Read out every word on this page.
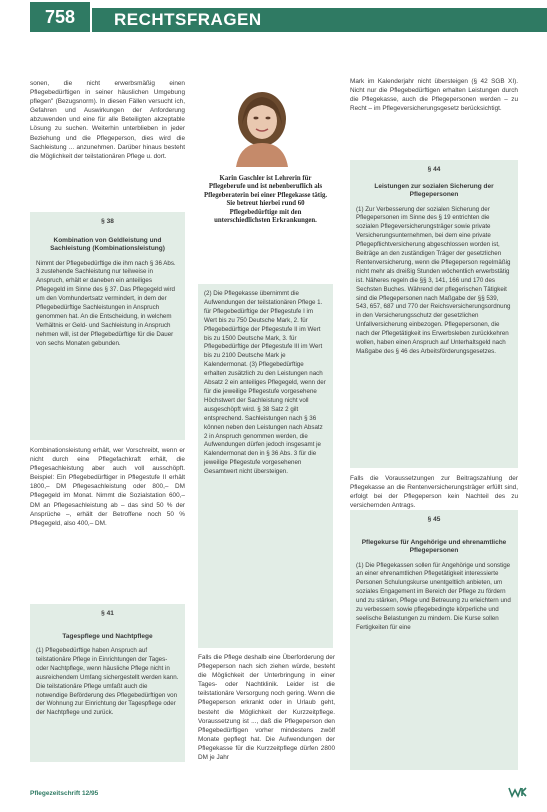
758	RECHTSFRAGEN

sonen, die nicht erwerbsmäßig einen Pflegebedürftigen in seiner häuslichen Umgebung pflegen" (Bezugsnorm). In diesen Fällen versucht ich, Gefahren und Auswirkungen der Anforderung abzuwenden und eine für alle Beteiligten akzeptable Lösung zu suchen. Weiterhin unterblieben in jeder Beziehung und die Pflegeperson, dies wird die Sachleistung ... anzunehmen. Darüber hinaus besteht die Möglichkeit der teilstationären Pflege u. dort.

§ 38
Kombination von Geldleistung und Sachleistung (Kombinationsleistung)
Nimmt der Pflegebedürftige die ihm nach § 36 Abs. 3 zustehende Sachleistung nur teilweise in Anspruch, erhält er daneben ein anteiliges Pflegegeld im Sinne des § 37. Das Pflegegeld wird um den Vomhundertsatz vermindert, in dem der Pflegebedürftige Sachleistungen in Anspruch genommen hat. An die Entscheidung, in welchem Verhältnis er Geld- und Sachleistung in Anspruch nehmen will, ist der Pflegebedürftige für die Dauer von sechs Monaten gebunden.

Kombinationsleistung erhält, wer Vorschreibt, wenn er nicht durch eine Pflegefachkraft erhält, die Pflegesachleistung aber auch voll ausschöpft. Beispiel: Ein Pflegebedürftiger in Pflegestufe II erhält 1800,– DM Pflegesachleistung oder 800,– DM Pflegegeld im Monat. Nimmt die Sozialstation 600,– DM an Pflegesachleistung ab – das sind 50 % der Ansprüche –, erhält der Betroffene noch 50 % Pflegegeld, also 400,– DM.

§ 41
Tagespflege und Nachtpflege
(1) Pflegebedürftige haben Anspruch auf teilstationäre Pflege in Einrichtungen der Tages- oder Nachtpflege, wenn häusliche Pflege nicht in ausreichendem Umfang sichergestellt werden kann. Die teilstationäre Pflege umfaßt auch die notwendige Beförderung des Pflegebedürftigen von der Wohnung zur Einrichtung der Tagespflege oder der Nachtpflege und zurück.
Karin Gaschler ist Lehrerin für Pflegeberufe und ist nebenberuflich als Pflegeberaterin bei einer Pflegekasse tätig. Sie betreut hierbei rund 60 Pflegebedürftige mit den unterschiedlichsten Erkrankungen.
(2) Die Pflegekasse übernimmt die Aufwendungen der teilstationären Pflege 1. für Pflegebedürftige der Pflegestufe I im Wert bis zu 750 Deutsche Mark, 2. für Pflegebedürftige der Pflegestufe II im Wert bis zu 1500 Deutsche Mark, 3. für Pflegebedürftige der Pflegestufe III im Wert bis zu 2100 Deutsche Mark je Kalendermonat. (3) Pflegebedürftige erhalten zusätzlich zu den Leistungen nach Absatz 2 ein anteiliges Pflegegeld, wenn der für die jeweilige Pflegestufe vorgesehene Höchstwert der Sachleistung nicht voll ausgeschöpft wird. § 38 Satz 2 gilt entsprechend. Sachleistungen nach § 36 können neben den Leistungen nach Absatz 2 in Anspruch genommen werden, die Aufwendungen dürfen jedoch insgesamt je Kalendermonat den in § 36 Abs. 3 für die jeweilige Pflegestufe vorgesehenen Gesamtwert nicht übersteigen.

Falls die Pflege deshalb eine Überforderung der Pflegeperson nach sich ziehen würde, besteht die Möglichkeit der Unterbringung in einer Tages- oder Nachtklinik. Leider ist die teilstationäre Versorgung noch gering. Wenn die Pflegeperson erkrankt oder in Urlaub geht, besteht die Möglichkeit der Kurzzeitpflege. Voraussetzung ist ..., daß die Pflegeperson den Pflegebedürftigen vorher mindestens zwölf Monate gepflegt hat. Die Aufwendungen der Pflegekasse für die Kurzzeitpflege dürfen 2800 DM je Jahr

Mark im Kalenderjahr nicht übersteigen (§ 42 SGB XI). Nicht nur die Pflegebedürftigen erhalten Leistungen durch die Pflegekasse, auch die Pflegepersonen werden – zu Recht – im Pflegeversicherungsgesetz berücksichtigt.

§ 44
Leistungen zur sozialen Sicherung der Pflegepersonen
(1) Zur Verbesserung der sozialen Sicherung der Pflegepersonen im Sinne des § 19 entrichten die sozialen Pflegeversicherungsträger sowie private Versicherungsunternehmen, bei dem eine private Pflegepflichtversicherung abgeschlossen worden ist, Beiträge an den zuständigen Träger der gesetzlichen Rentenversicherung, wenn die Pflegeperson regelmäßig nicht mehr als dreißig Stunden wöchentlich erwerbstätig ist. Näheres regeln die §§ 3, 141, 166 und 170 des Sechsten Buches. Während der pflegerischen Tätigkeit sind die Pflegepersonen nach Maßgabe der §§ 539, 543, 657, 687 und 770 der Reichsversicherungsordnung in den Versicherungsschutz der gesetzlichen Unfallversicherung einbezogen. Pflegepersonen, die nach der Pflegetätigkeit ins Erwerbsleben zurückkehren wollen, haben einen Anspruch auf Unterhaltsgeld nach Maßgabe des § 46 des Arbeitsförderungsgesetzes.

Falls die Voraussetzungen zur Beitragszahlung der Pflegekasse an die Rentenversicherungsträger erfüllt sind, erfolgt bei der Pflegeperson kein Nachteil des zu versichernden Antrags.

§ 45
Pflegekurse für Angehörige und ehrenamtliche Pflegepersonen
(1) Die Pflegekassen sollen für Angehörige und sonstige an einer ehrenamtlichen Pflegetätigkeit interessierte Personen Schulungskurse unentgeltlich anbieten, um soziales Engagement im Bereich der Pflege zu fördern und zu stärken, Pflege und Betreuung zu erleichtern und zu verbessern sowie pflegebedingte körperliche und seelische Belastungen zu mindern. Die Kurse sollen Fertigkeiten für eine
Pflegezeitschrift 12/95
